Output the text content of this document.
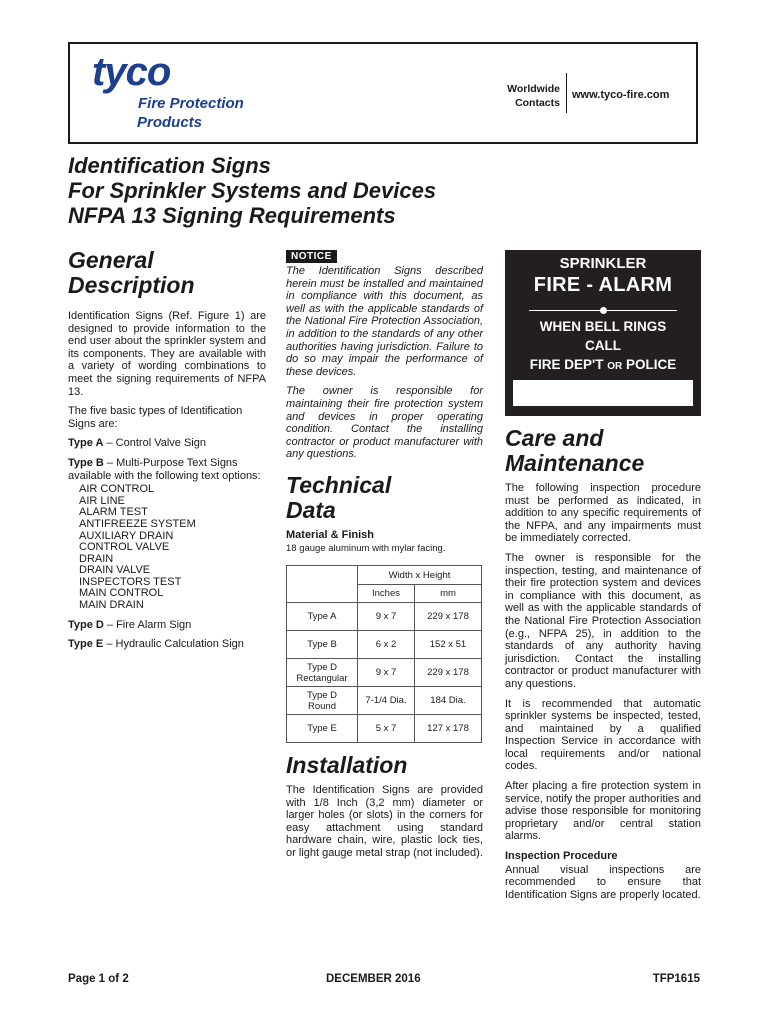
tyco
Fire Protection
Products
Worldwide
Contacts
www.tyco-fire.com
Identification Signs
For Sprinkler Systems and Devices
NFPA 13 Signing Requirements
General
Description

Identification Signs (Ref. Figure 1) are designed to provide information to the end user about the sprinkler system and its components. They are available with a variety of wording combinations to meet the signing requirements of NFPA 13.

The five basic types of Identification Signs are:

Type A – Control Valve Sign

Type B – Multi-Purpose Text Signs available with the following text options:

AIR CONTROL
AIR LINE
ALARM TEST
ANTIFREEZE SYSTEM
AUXILIARY DRAIN
CONTROL VALVE
DRAIN
DRAIN VALVE
INSPECTORS TEST
MAIN CONTROL
MAIN DRAIN

Type D – Fire Alarm Sign

Type E – Hydraulic Calculation Sign

NOTICE

The Identification Signs described herein must be installed and maintained in compliance with this document, as well as with the applicable standards of the National Fire Protection Association, in addition to the standards of any other authorities having jurisdiction. Failure to do so may impair the performance of these devices.

The owner is responsible for maintaining their fire protection system and devices in proper operating condition. Contact the installing contractor or product manufacturer with any questions.

Technical
Data

Material & Finish

18 gauge aluminum with mylar facing.

	Width x Height	
	Inches	mm
Type A	9 x 7	229 x 178
Type B	6 x 2	152 x 51
Type D Rectangular	9 x 7	229 x 178
Type D Round	7-1/4 Dia.	184 Dia.
Type E	5 x 7	127 x 178
Installation

The Identification Signs are provided with 1/8 Inch (3,2 mm) diameter or larger holes (or slots) in the corners for easy attachment using standard hardware chain, wire, plastic lock ties, or light gauge metal strap (not included).

SPRINKLER
FIRE - ALARM
WHEN BELL RINGS
CALL
FIRE DEP'T OR POLICE
Care and
Maintenance

The following inspection procedure must be performed as indicated, in addition to any specific requirements of the NFPA, and any impairments must be immediately corrected.

The owner is responsible for the inspection, testing, and maintenance of their fire protection system and devices in compliance with this document, as well as with the applicable standards of the National Fire Protection Association (e.g., NFPA 25), in addition to the standards of any authority having jurisdiction. Contact the installing contractor or product manufacturer with any questions.

It is recommended that automatic sprinkler systems be inspected, tested, and maintained by a qualified Inspection Service in accordance with local requirements and/or national codes.

After placing a fire protection system in service, notify the proper authorities and advise those responsible for monitoring proprietary and/or central station alarms.

Inspection Procedure

Annual visual inspections are recommended to ensure that Identification Signs are properly located.

Page 1 of 2	DECEMBER 2016	TFP1615
